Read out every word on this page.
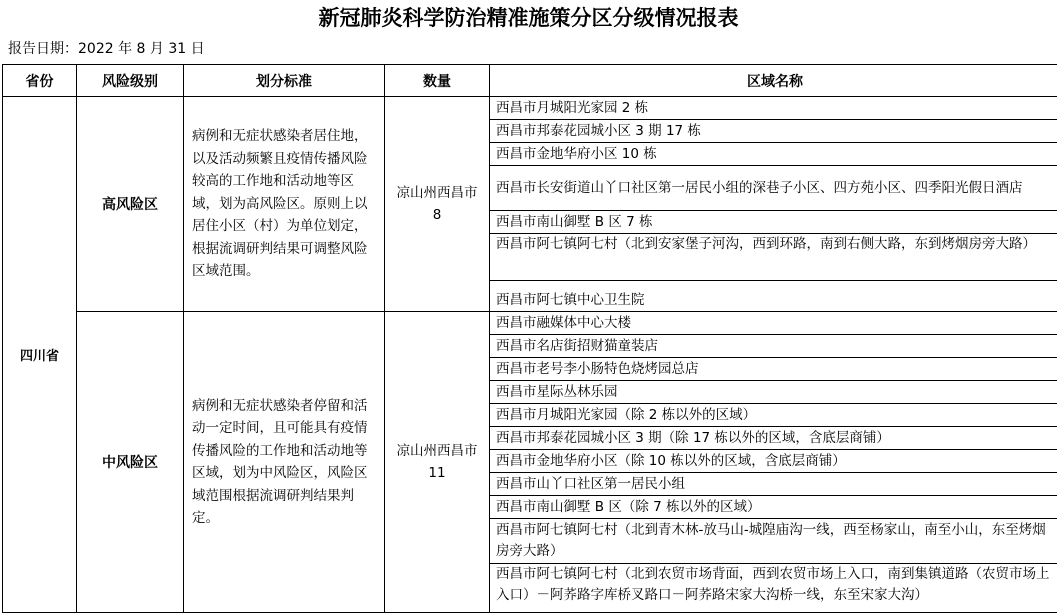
新冠肺炎科学防治精准施策分区分级情况报表
报告日期：2022 年 8 月 31 日
省份	风险级别	划分标准	数量	区域名称
四川省	高风险区	病例和无症状感染者居住地，以及活动频繁且疫情传播风险较高的工作地和活动地等区域，划为高风险区。原则上以居住小区（村）为单位划定，根据流调研判结果可调整风险区域范围。	凉山州西昌市 8	西昌市月城阳光家园 2 栋
				西昌市邦泰花园城小区 3 期 17 栋
				西昌市金地华府小区 10 栋
				西昌市长安街道山丫口社区第一居民小组的深巷子小区、四方苑小区、四季阳光假日酒店
				西昌市南山御墅 B 区 7 栋
				西昌市阿七镇阿七村（北到安家堡子河沟，西到环路，南到右侧大路，东到烤烟房旁大路）
				西昌市阿七镇中心卫生院
	中风险区	病例和无症状感染者停留和活动一定时间，且可能具有疫情传播风险的工作地和活动地等区域，划为中风险区，风险区域范围根据流调研判结果判定。	凉山州西昌市 11	西昌市融媒体中心大楼
				西昌市名店街招财猫童装店
				西昌市老号李小肠特色烧烤园总店
				西昌市星际丛林乐园
				西昌市月城阳光家园（除 2 栋以外的区域）
				西昌市邦泰花园城小区 3 期（除 17 栋以外的区域，含底层商铺）
				西昌市金地华府小区（除 10 栋以外的区域，含底层商铺）
				西昌市山丫口社区第一居民小组
				西昌市南山御墅 B 区（除 7 栋以外的区域）
				西昌市阿七镇阿七村（北到青木林-放马山-城隍庙沟一线，西至杨家山，南至小山，东至烤烟房旁大路）
				西昌市阿七镇阿七村（北到农贸市场背面，西到农贸市场上入口，南到集镇道路（农贸市场上入口）－阿荞路字库桥叉路口－阿荞路宋家大沟桥一线，东至宋家大沟）
